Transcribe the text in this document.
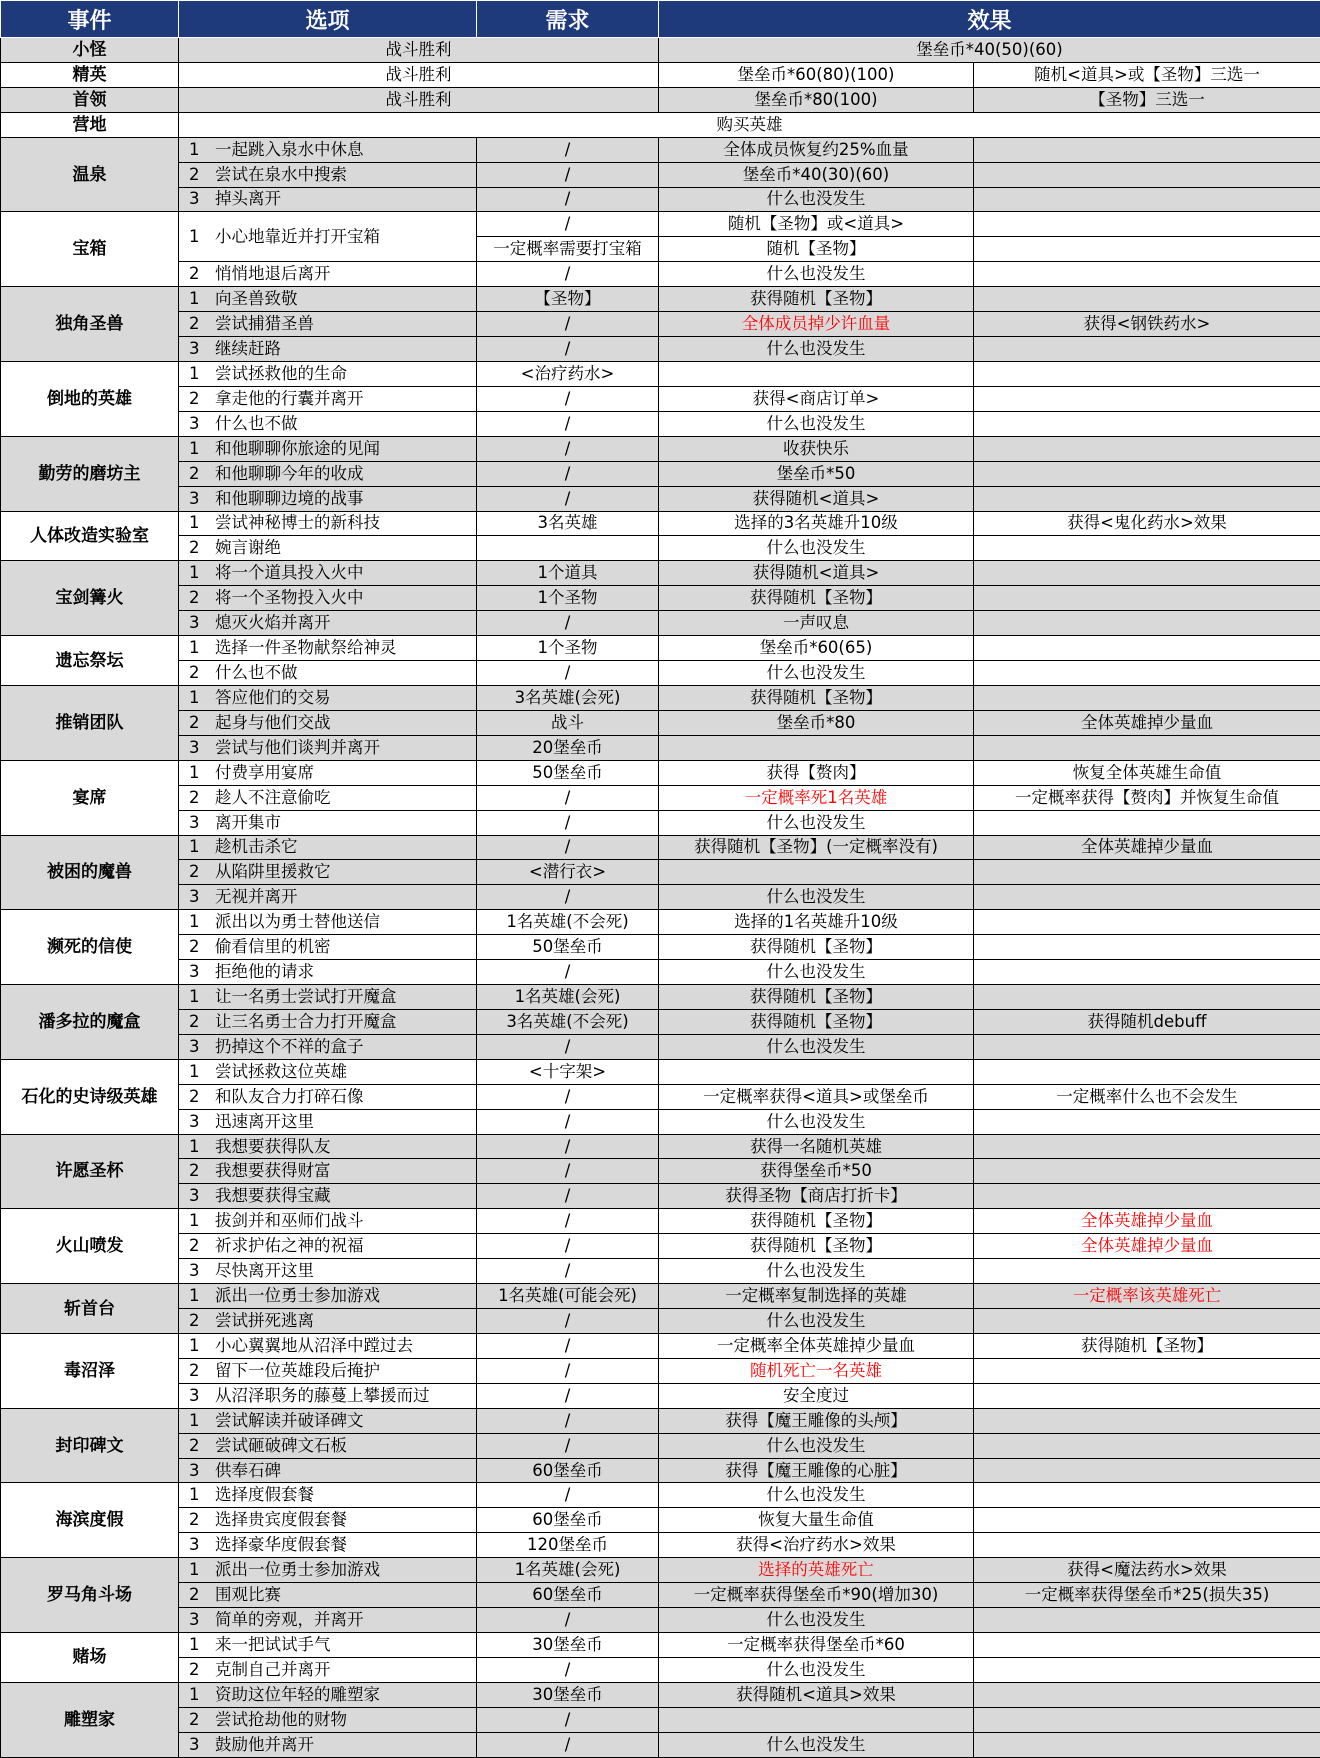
事件	选项	需求	效果	
小怪	战斗胜利		堡垒币*40(50)(60)	
精英	战斗胜利		堡垒币*60(80)(100)	随机<道具>或【圣物】三选一
首领	战斗胜利		堡垒币*80(100)	【圣物】三选一
营地	购买英雄			
温泉	1 一起跳入泉水中休息	/	全体成员恢复约25%血量	
	2 尝试在泉水中搜索	/	堡垒币*40(30)(60)	
	3 掉头离开	/	什么也没发生	
宝箱	1 小心地靠近并打开宝箱	/	随机【圣物】或<道具>	
		一定概率需要打宝箱	随机【圣物】	
	2 悄悄地退后离开	/	什么也没发生	
独角圣兽	1 向圣兽致敬	【圣物】	获得随机【圣物】	
	2 尝试捕猎圣兽	/	全体成员掉少许血量	获得<钢铁药水>
	3 继续赶路	/	什么也没发生	
倒地的英雄	1 尝试拯救他的生命	<治疗药水>		
	2 拿走他的行囊并离开	/	获得<商店订单>	
	3 什么也不做	/	什么也没发生	
勤劳的磨坊主	1 和他聊聊你旅途的见闻	/	收获快乐	
	2 和他聊聊今年的收成	/	堡垒币*50	
	3 和他聊聊边境的战事	/	获得随机<道具>	
人体改造实验室	1 尝试神秘博士的新科技	3名英雄	选择的3名英雄升10级	获得<鬼化药水>效果
	2 婉言谢绝		什么也没发生	
宝剑篝火	1 将一个道具投入火中	1个道具	获得随机<道具>	
	2 将一个圣物投入火中	1个圣物	获得随机【圣物】	
	3 熄灭火焰并离开	/	一声叹息	
遗忘祭坛	1 选择一件圣物献祭给神灵	1个圣物	堡垒币*60(65)	
	2 什么也不做	/	什么也没发生	
推销团队	1 答应他们的交易	3名英雄(会死)	获得随机【圣物】	
	2 起身与他们交战	战斗	堡垒币*80	全体英雄掉少量血
	3 尝试与他们谈判并离开	20堡垒币		
宴席	1 付费享用宴席	50堡垒币	获得【赘肉】	恢复全体英雄生命值
	2 趁人不注意偷吃	/	一定概率死1名英雄	一定概率获得【赘肉】并恢复生命值
	3 离开集市	/	什么也没发生	
被困的魔兽	1 趁机击杀它	/	获得随机【圣物】(一定概率没有)	全体英雄掉少量血
	2 从陷阱里援救它	<潜行衣>		
	3 无视并离开	/	什么也没发生	
濒死的信使	1 派出以为勇士替他送信	1名英雄(不会死)	选择的1名英雄升10级	
	2 偷看信里的机密	50堡垒币	获得随机【圣物】	
	3 拒绝他的请求	/	什么也没发生	
潘多拉的魔盒	1 让一名勇士尝试打开魔盒	1名英雄(会死)	获得随机【圣物】	
	2 让三名勇士合力打开魔盒	3名英雄(不会死)	获得随机【圣物】	获得随机debuff
	3 扔掉这个不祥的盒子	/	什么也没发生	
石化的史诗级英雄	1 尝试拯救这位英雄	<十字架>		
	2 和队友合力打碎石像	/	一定概率获得<道具>或堡垒币	一定概率什么也不会发生
	3 迅速离开这里	/	什么也没发生	
许愿圣杯	1 我想要获得队友	/	获得一名随机英雄	
	2 我想要获得财富	/	获得堡垒币*50	
	3 我想要获得宝藏	/	获得圣物【商店打折卡】	
火山喷发	1 拔剑并和巫师们战斗	/	获得随机【圣物】	全体英雄掉少量血
	2 祈求护佑之神的祝福	/	获得随机【圣物】	全体英雄掉少量血
	3 尽快离开这里	/	什么也没发生	
斩首台	1 派出一位勇士参加游戏	1名英雄(可能会死)	一定概率复制选择的英雄	一定概率该英雄死亡
	2 尝试拼死逃离	/	什么也没发生	
毒沼泽	1 小心翼翼地从沼泽中蹚过去	/	一定概率全体英雄掉少量血	获得随机【圣物】
	2 留下一位英雄段后掩护	/	随机死亡一名英雄	
	3 从沼泽职务的藤蔓上攀援而过	/	安全度过	
封印碑文	1 尝试解读并破译碑文	/	获得【魔王雕像的头颅】	
	2 尝试砸破碑文石板	/	什么也没发生	
	3 供奉石碑	60堡垒币	获得【魔王雕像的心脏】	
海滨度假	1 选择度假套餐	/	什么也没发生	
	2 选择贵宾度假套餐	60堡垒币	恢复大量生命值	
	3 选择豪华度假套餐	120堡垒币	获得<治疗药水>效果	
罗马角斗场	1 派出一位勇士参加游戏	1名英雄(会死)	选择的英雄死亡	获得<魔法药水>效果
	2 围观比赛	60堡垒币	一定概率获得堡垒币*90(增加30)	一定概率获得堡垒币*25(损失35)
	3 简单的旁观，并离开	/	什么也没发生	
赌场	1 来一把试试手气	30堡垒币	一定概率获得堡垒币*60	
	2 克制自己并离开	/	什么也没发生	
雕塑家	1 资助这位年轻的雕塑家	30堡垒币	获得随机<道具>效果	
	2 尝试抢劫他的财物	/		
	3 鼓励他并离开	/	什么也没发生	
